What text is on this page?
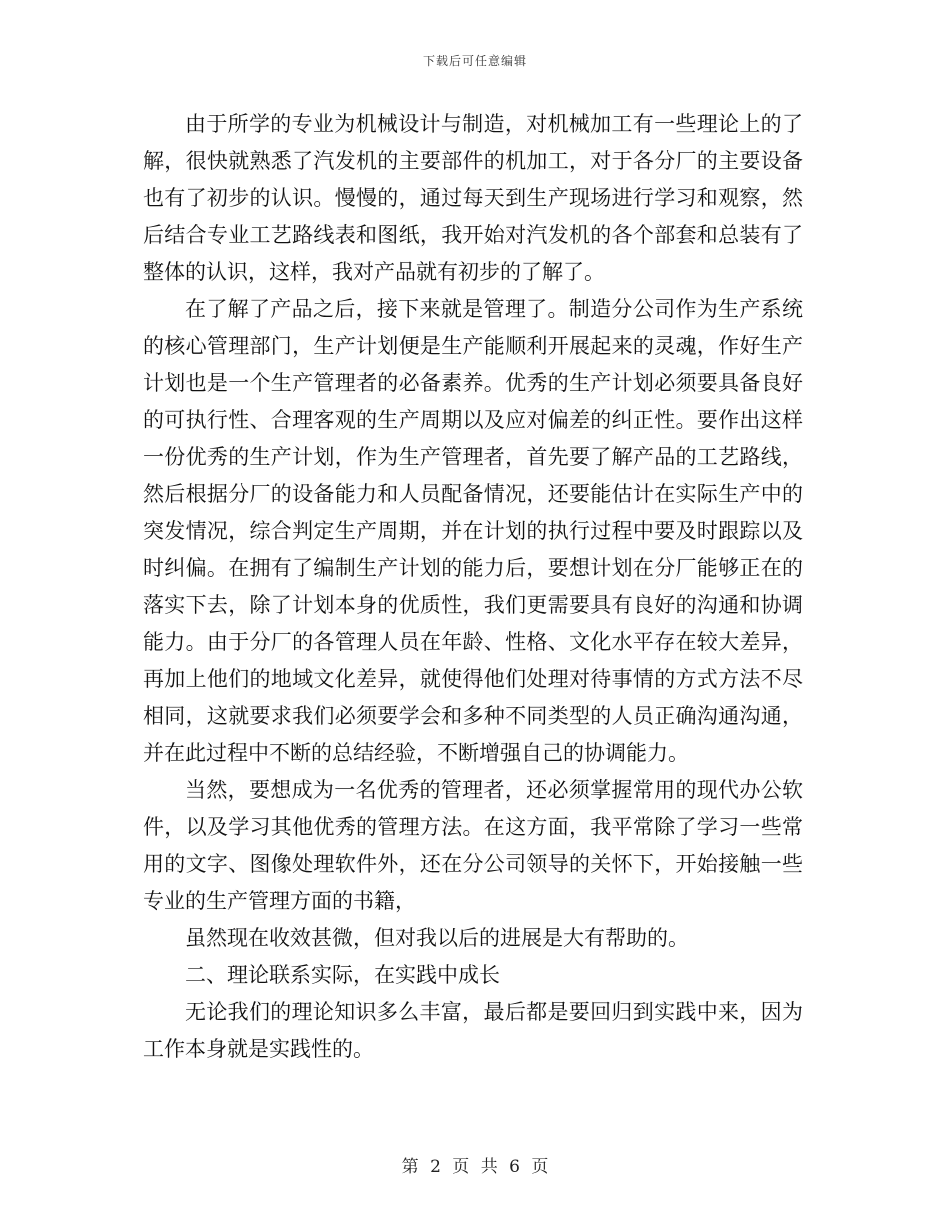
下载后可任意编辑

由于所学的专业为机械设计与制造，对机械加工有一些理论上的了解，很快就熟悉了汽发机的主要部件的机加工，对于各分厂的主要设备也有了初步的认识。慢慢的，通过每天到生产现场进行学习和观察，然后结合专业工艺路线表和图纸，我开始对汽发机的各个部套和总装有了整体的认识，这样，我对产品就有初步的了解了。

在了解了产品之后，接下来就是管理了。制造分公司作为生产系统的核心管理部门，生产计划便是生产能顺利开展起来的灵魂，作好生产计划也是一个生产管理者的必备素养。优秀的生产计划必须要具备良好的可执行性、合理客观的生产周期以及应对偏差的纠正性。要作出这样一份优秀的生产计划，作为生产管理者，首先要了解产品的工艺路线，然后根据分厂的设备能力和人员配备情况，还要能估计在实际生产中的突发情况，综合判定生产周期，并在计划的执行过程中要及时跟踪以及时纠偏。在拥有了编制生产计划的能力后，要想计划在分厂能够正在的落实下去，除了计划本身的优质性，我们更需要具有良好的沟通和协调能力。由于分厂的各管理人员在年龄、性格、文化水平存在较大差异，再加上他们的地域文化差异，就使得他们处理对待事情的方式方法不尽相同，这就要求我们必须要学会和多种不同类型的人员正确沟通沟通，并在此过程中不断的总结经验，不断增强自己的协调能力。

当然，要想成为一名优秀的管理者，还必须掌握常用的现代办公软件，以及学习其他优秀的管理方法。在这方面，我平常除了学习一些常用的文字、图像处理软件外，还在分公司领导的关怀下，开始接触一些专业的生产管理方面的书籍，

虽然现在收效甚微，但对我以后的进展是大有帮助的。

二、理论联系实际，在实践中成长

无论我们的理论知识多么丰富，最后都是要回归到实践中来，因为工作本身就是实践性的。

第 2 页 共 6 页
